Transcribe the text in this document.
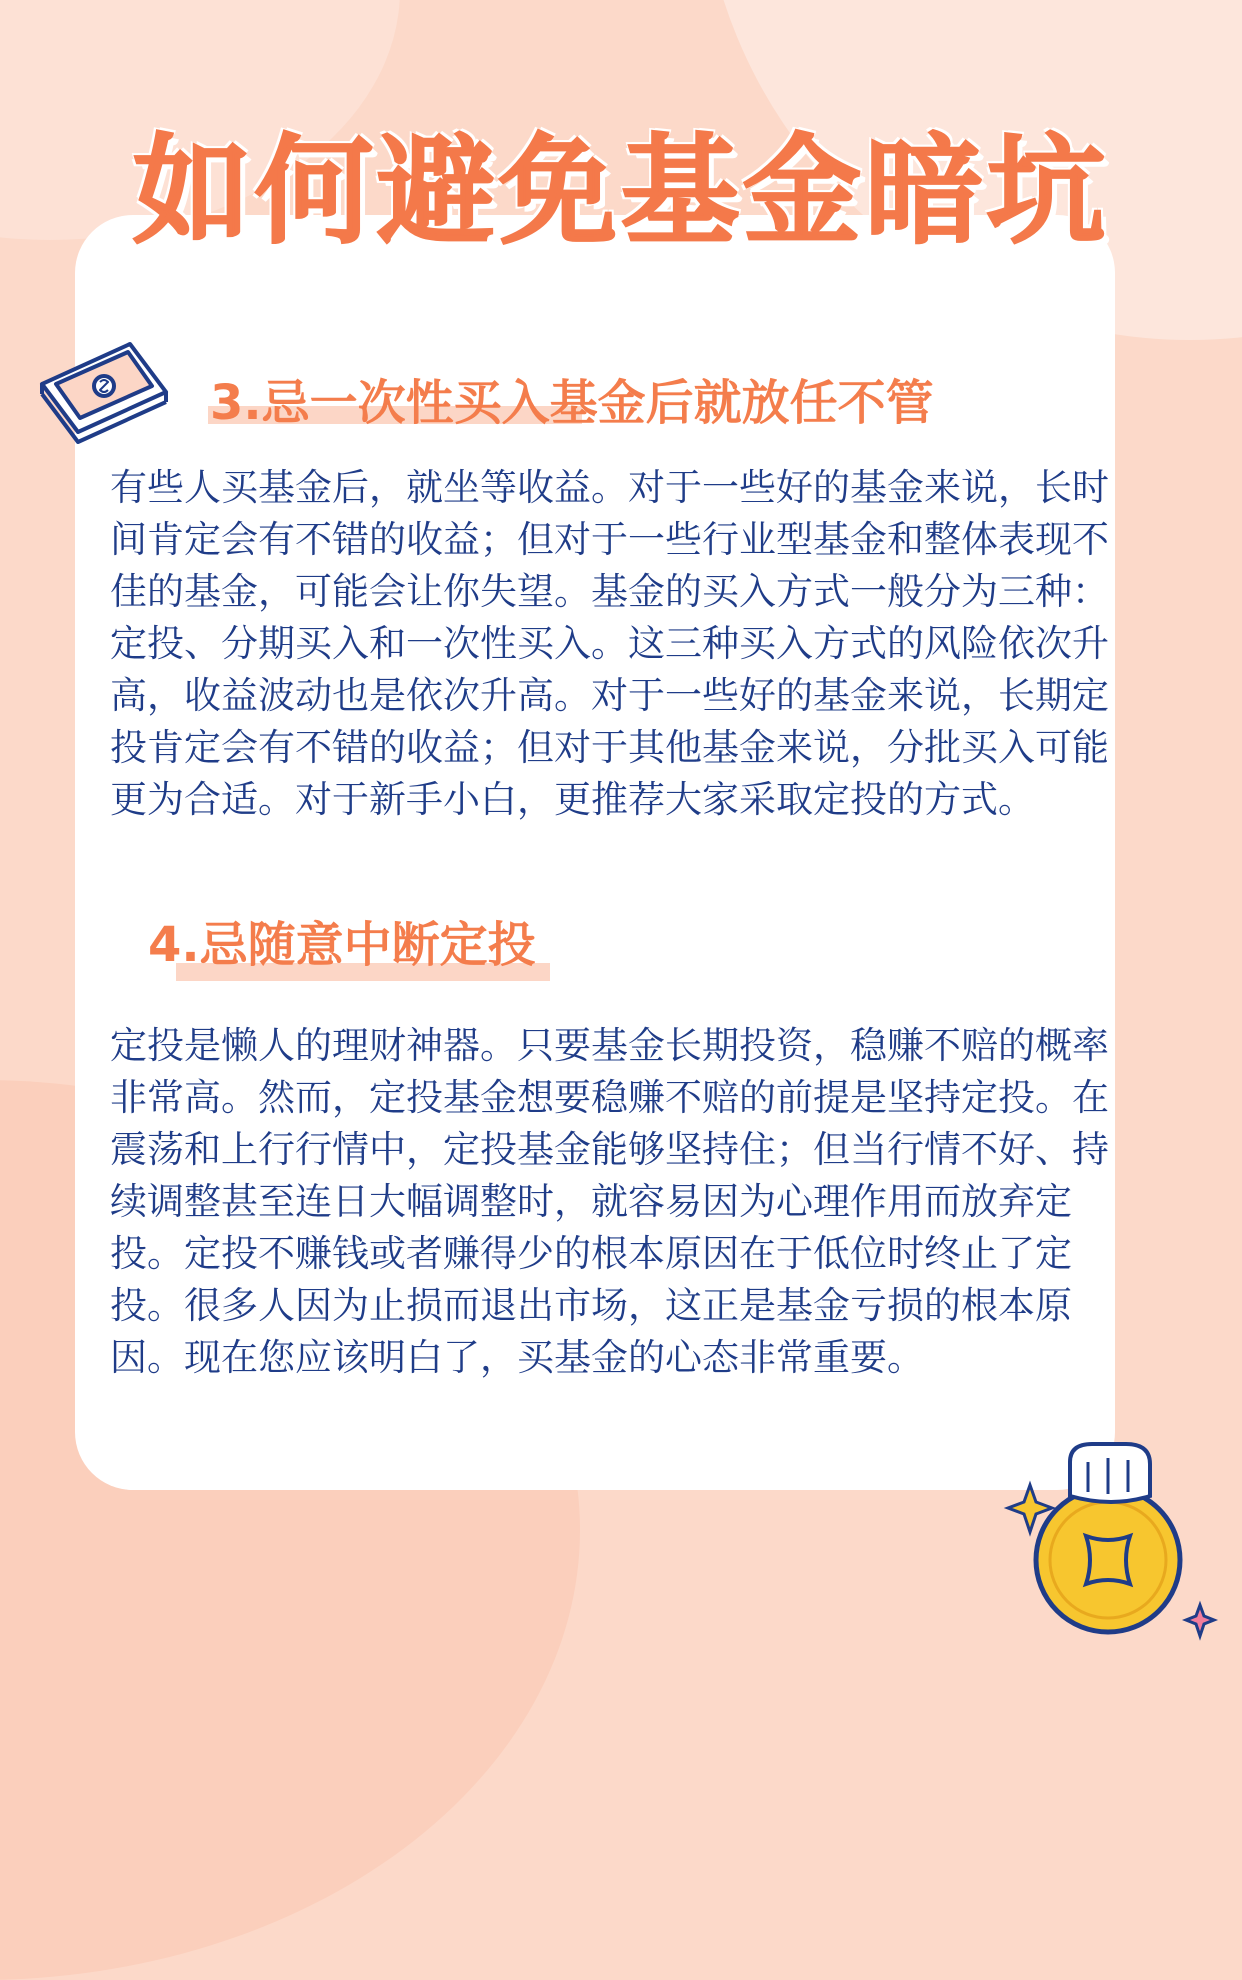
如何避免基金暗坑
3.忌一次性买入基金后就放任不管

有些人买基金后，就坐等收益。对于一些好的基金来说，长时间肯定会有不错的收益；但对于一些行业型基金和整体表现不佳的基金，可能会让你失望。基金的买入方式一般分为三种：定投、分期买入和一次性买入。这三种买入方式的风险依次升高，收益波动也是依次升高。对于一些好的基金来说，长期定投肯定会有不错的收益；但对于其他基金来说，分批买入可能更为合适。对于新手小白，更推荐大家采取定投的方式。

4.忌随意中断定投

定投是懒人的理财神器。只要基金长期投资，稳赚不赔的概率非常高。然而，定投基金想要稳赚不赔的前提是坚持定投。在震荡和上行行情中，定投基金能够坚持住；但当行情不好、持续调整甚至连日大幅调整时，就容易因为心理作用而放弃定投。定投不赚钱或者赚得少的根本原因在于低位时终止了定投。很多人因为止损而退出市场，这正是基金亏损的根本原因。现在您应该明白了，买基金的心态非常重要。
